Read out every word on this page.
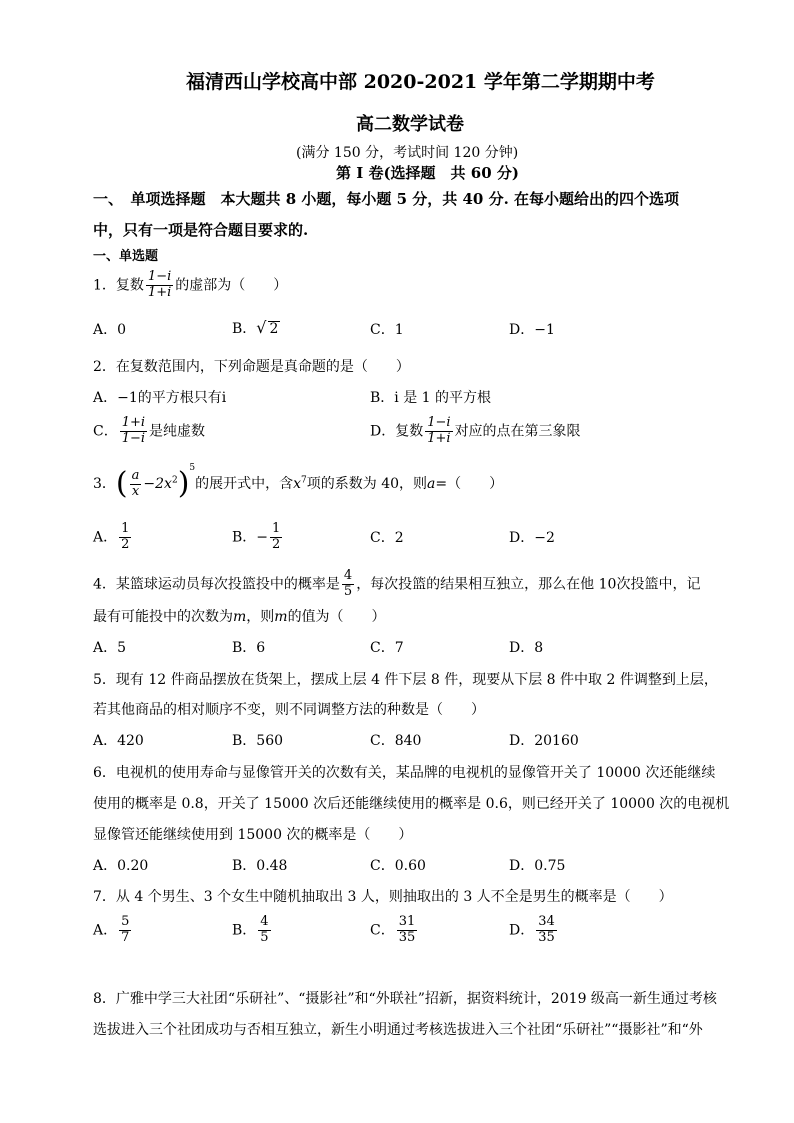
福清西山学校高中部 2020-2021 学年第二学期期中考
高二数学试卷
(满分 150 分，考试时间 120 分钟)
第 I 卷(选择题　共 60 分)
一、　单项选择题　本大题共 8 小题，每小题 5 分，共 40 分. 在每小题给出的四个选项
中，只有一项是符合题目要求的.
一、单选题
1．复数 $\frac{1-i}{1+i}$ 的虚部为（　　）
A．0	B．√ 2	C．1	D．−1
2．在复数范围内，下列命题是真命题的是（　　）
A．−1的平方根只有i	B．i 是 1 的平方根
C． $\frac{1+i}{1-i}$ 是纯虚数	D．复数 $\frac{1-i}{1+i}$ 对应的点在第三象限
3．( $\frac{a}{x} -2x^2)^5$的展开式中，含$x^7$项的系数为 40，则a=（　　）
A． $\frac{1}{2}$	B．− $\frac{1}{2}$	C．2	D．−2
4．某篮球运动员每次投篮投中的概率是 $\frac{4}{5}$ ，每次投篮的结果相互独立，那么在他 10次投篮中，记
最有可能投中的次数为m，则m的值为（　　）
A．5	B．6	C．7	D．8
5．现有 12 件商品摆放在货架上，摆成上层 4 件下层 8 件，现要从下层 8 件中取 2 件调整到上层，
若其他商品的相对顺序不变，则不同调整方法的种数是（　　）
A．420	B．560	C．840	D．20160
6．电视机的使用寿命与显像管开关的次数有关，某品牌的电视机的显像管开关了 10000 次还能继续
使用的概率是 0.8，开关了 15000 次后还能继续使用的概率是 0.6，则已经开关了 10000 次的电视机
显像管还能继续使用到 15000 次的概率是（　　）
A．0.20	B．0.48	C．0.60	D．0.75
7．从 4 个男生、3 个女生中随机抽取出 3 人，则抽取出的 3 人不全是男生的概率是（　　）
A． $\frac{5}{7}$	B． $\frac{4}{5}$	C． $\frac{31}{35}$	D． $\frac{34}{35}$
8．广雅中学三大社团“乐研社”、“摄影社”和“外联社”招新，据资料统计，2019 级高一新生通过考核
选拔进入三个社团成功与否相互独立，新生小明通过考核选拔进入三个社团“乐研社”“摄影社”和“外
